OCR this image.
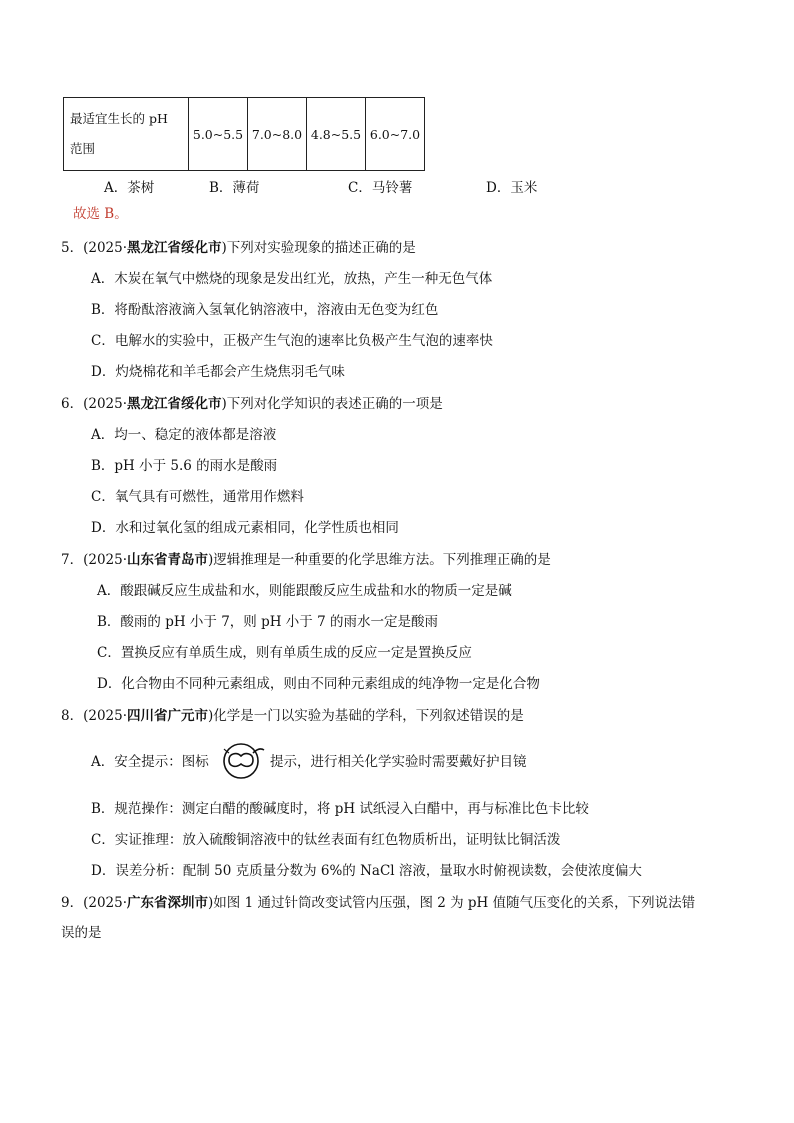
最适宜生长的 pH
范围
	5.0~5.5	7.0~8.0	4.8~5.5	6.0~7.0
A．茶树	B．薄荷	C．马铃薯	D．玉米
故选 B。
5．(2025·黑龙江省绥化市)下列对实验现象的描述正确的是
A．木炭在氧气中燃烧的现象是发出红光，放热，产生一种无色气体
B．将酚酞溶液滴入氢氧化钠溶液中，溶液由无色变为红色
C．电解水的实验中，正极产生气泡的速率比负极产生气泡的速率快
D．灼烧棉花和羊毛都会产生烧焦羽毛气味
6．(2025·黑龙江省绥化市)下列对化学知识的表述正确的一项是
A．均一、稳定的液体都是溶液
B．pH 小于 5.6 的雨水是酸雨
C．氧气具有可燃性，通常用作燃料
D．水和过氧化氢的组成元素相同，化学性质也相同
7．(2025·山东省青岛市)逻辑推理是一种重要的化学思维方法。下列推理正确的是
A．酸跟碱反应生成盐和水，则能跟酸反应生成盐和水的物质一定是碱
B．酸雨的 pH 小于 7，则 pH 小于 7 的雨水一定是酸雨
C．置换反应有单质生成，则有单质生成的反应一定是置换反应
D．化合物由不同种元素组成，则由不同种元素组成的纯净物一定是化合物
8．(2025·四川省广元市)化学是一门以实验为基础的学科，下列叙述错误的是
A．安全提示：图标	提示，进行相关化学实验时需要戴好护目镜
B．规范操作：测定白醋的酸碱度时，将 pH 试纸浸入白醋中，再与标准比色卡比较
C．实证推理：放入硫酸铜溶液中的钛丝表面有红色物质析出，证明钛比铜活泼
D．误差分析：配制 50 克质量分数为 6%的 NaCl 溶液，量取水时俯视读数，会使浓度偏大
9．(2025·广东省深圳市)如图 1 通过针筒改变试管内压强，图 2 为 pH 值随气压变化的关系，下列说法错
误的是
